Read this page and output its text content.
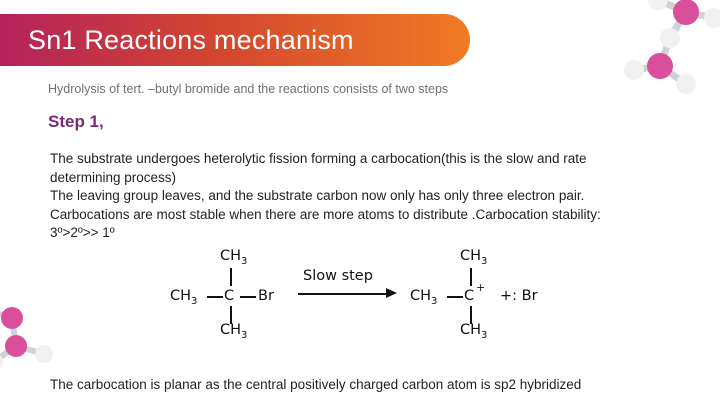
Sn1 Reactions mechanism
Hydrolysis of tert. –butyl bromide and the reactions consists of two steps
Step 1,
The substrate undergoes heterolytic fission forming a carbocation(this is the slow and rate determining process)
The leaving group leaves, and the substrate carbon now only has only three electron pair. Carbocations are most stable when there are more atoms to distribute .Carbocation stability: 3º>2º>> 1º
$CH_3$
$CH_3$ C Br
$CH_3$
Slow step
$CH_3$
$CH_3$ C
+
$CH_3$
+: Br
The carbocation is planar as the central positively charged carbon atom is sp2 hybridized
